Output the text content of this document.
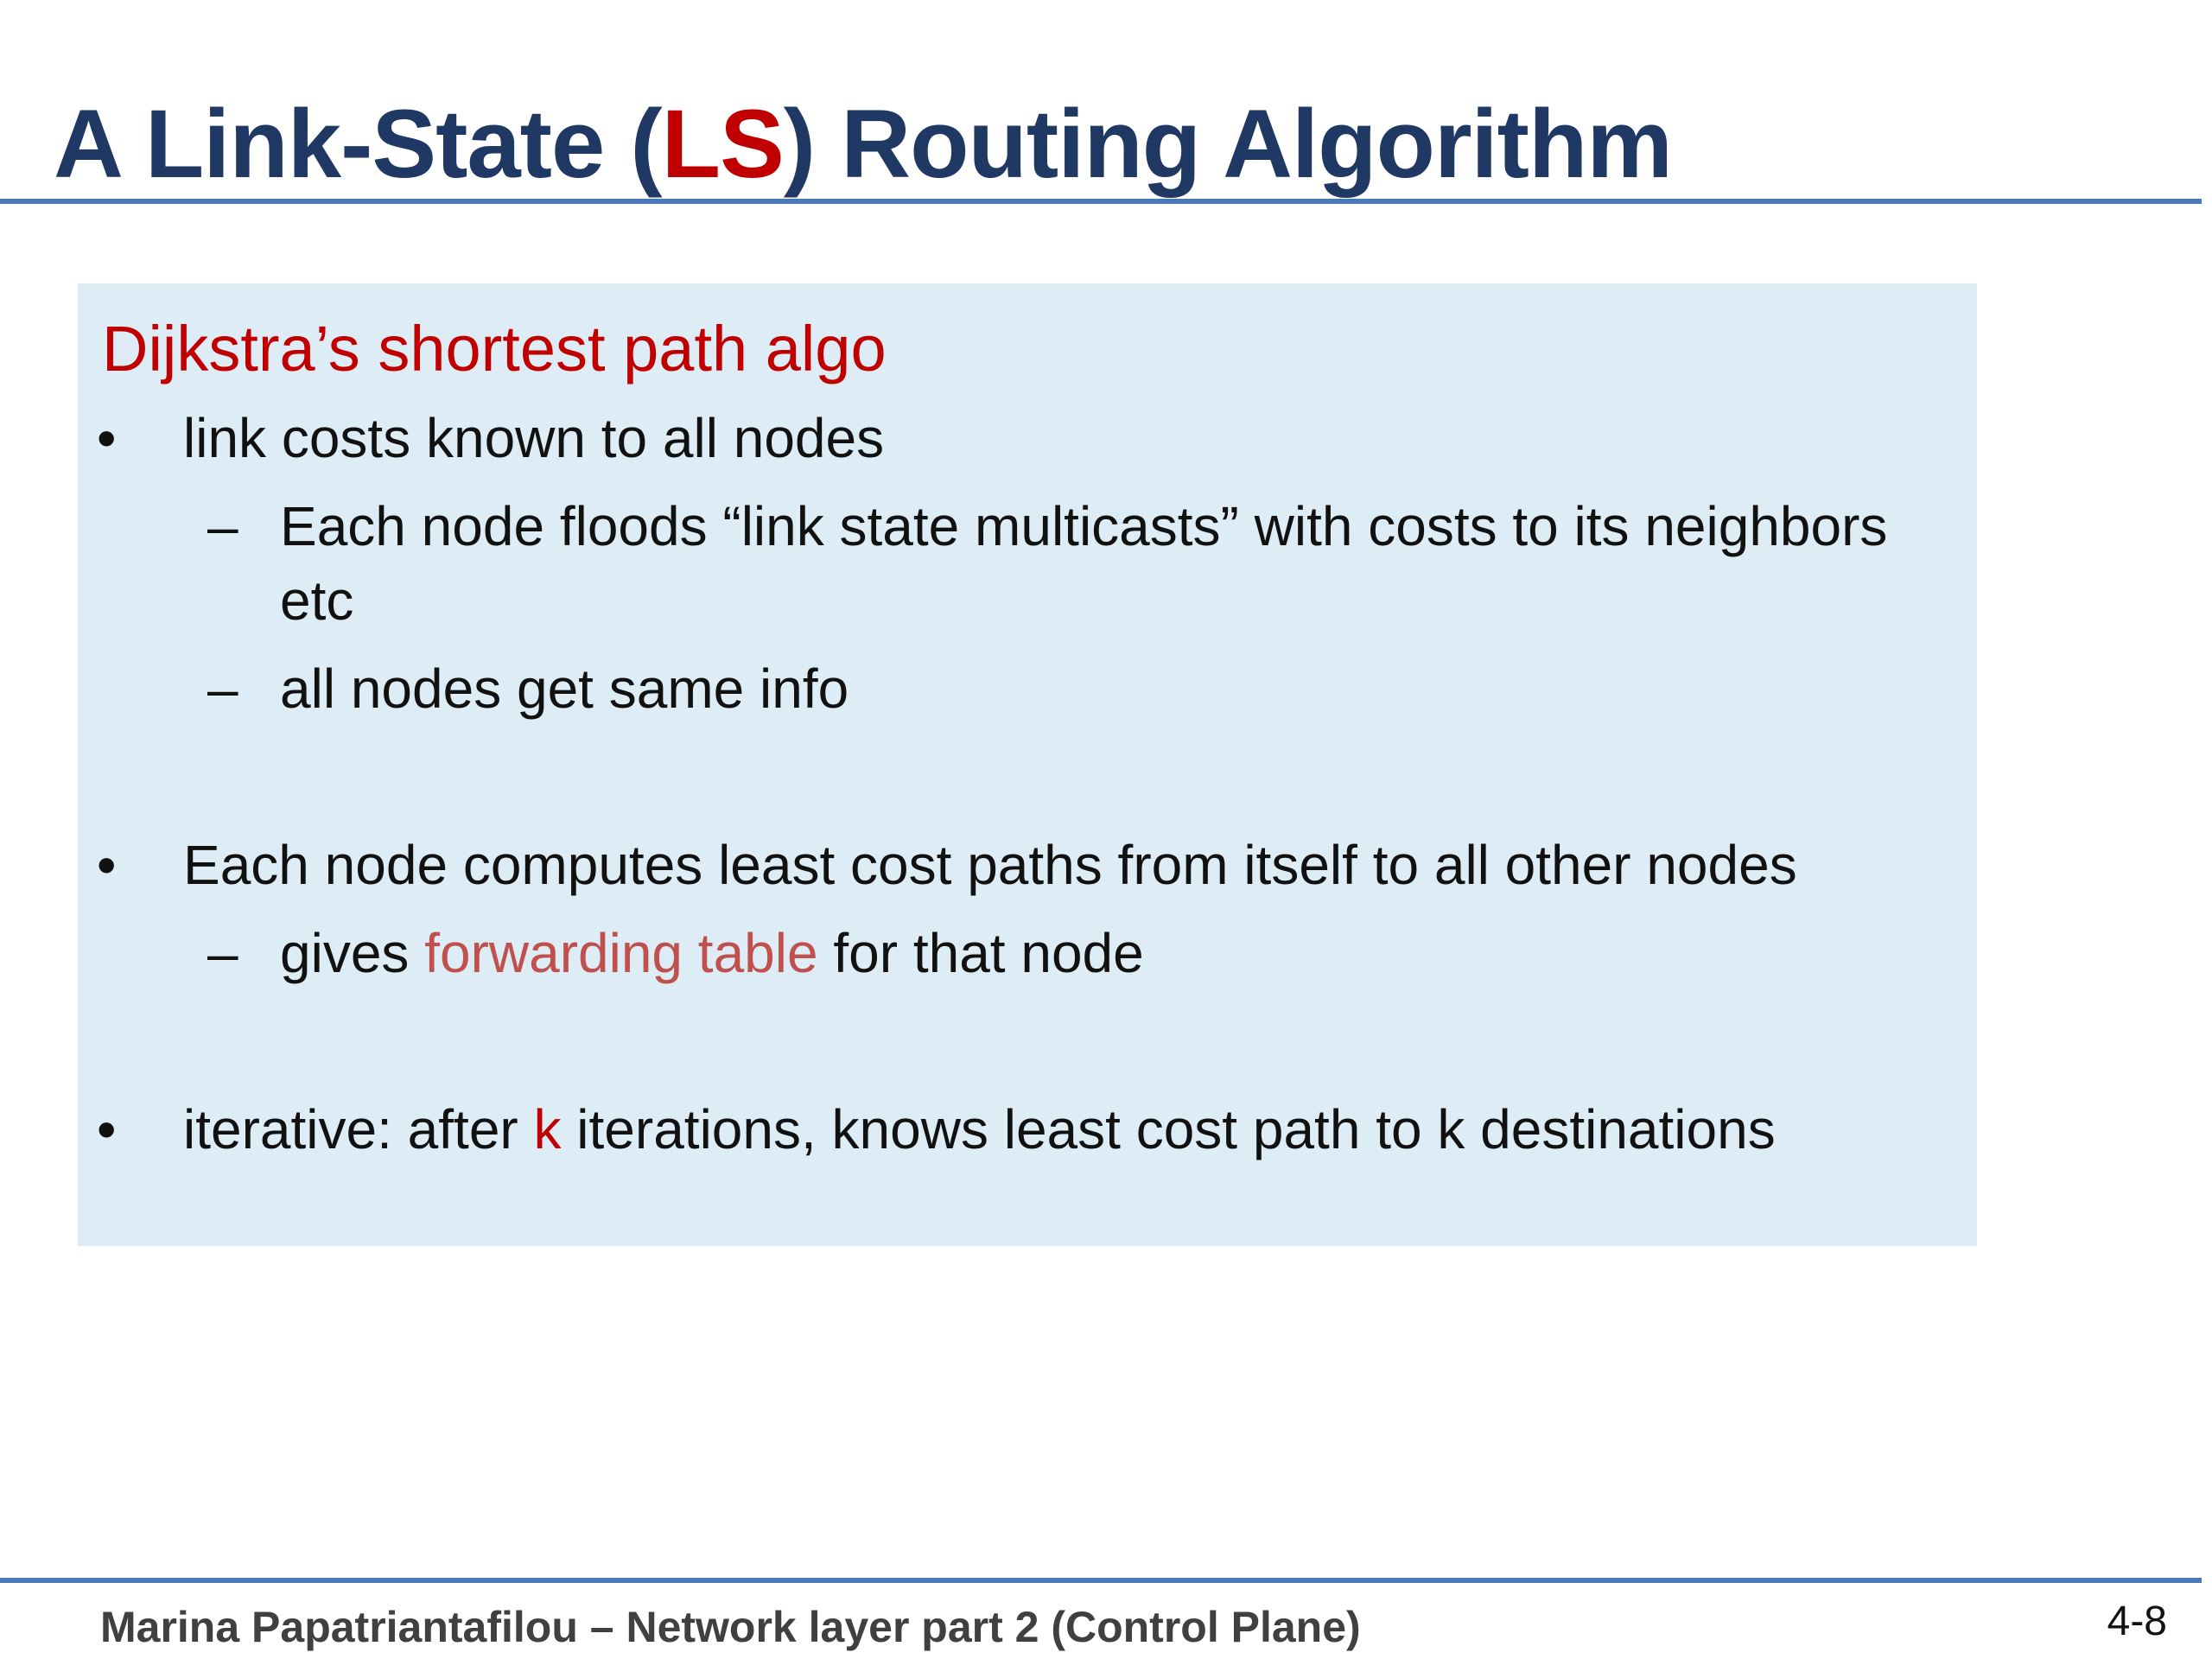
A Link-State (LS) Routing Algorithm
Dijkstra’s shortest path algo
• link costs known to all nodes
– Each node floods “link state multicasts” with costs to its neighbors
etc
– all nodes get same info
• Each node computes least cost paths from itself to all other nodes
– gives forwarding table for that node
• iterative: after k iterations, knows least cost path to k destinations
Marina Papatriantafilou – Network layer part 2 (Control Plane)	4-8
